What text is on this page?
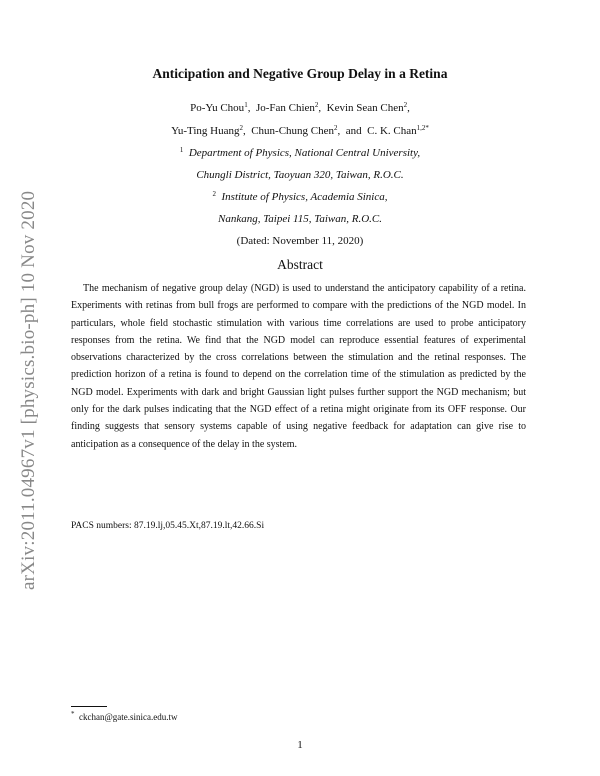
arXiv:2011.04967v1 [physics.bio-ph] 10 Nov 2020
Anticipation and Negative Group Delay in a Retina
Po-Yu Chou$^1$,  Jo-Fan Chien$^2$,  Kevin Sean Chen$^2$,
Yu-Ting Huang$^2$,  Chun-Chung Chen$^2$,  and C. K. Chan$^{1,2*}$
$^1$ Department of Physics, National Central University,
Chungli District, Taoyuan 320, Taiwan, R.O.C.
$^2$ Institute of Physics, Academia Sinica,
Nankang, Taipei 115, Taiwan, R.O.C.
(Dated: November 11, 2020)
Abstract
The mechanism of negative group delay (NGD) is used to understand the anticipatory capability of a retina. Experiments with retinas from bull frogs are performed to compare with the predictions of the NGD model. In particulars, whole field stochastic stimulation with various time correlations are used to probe anticipatory responses from the retina. We find that the NGD model can reproduce essential features of experimental observations characterized by the cross correlations between the stimulation and the retinal responses. The prediction horizon of a retina is found to depend on the correlation time of the stimulation as predicted by the NGD model. Experiments with dark and bright Gaussian light pulses further support the NGD mechanism; but only for the dark pulses indicating that the NGD effect of a retina might originate from its OFF response. Our finding suggests that sensory systems capable of using negative feedback for adaptation can give rise to anticipation as a consequence of the delay in the system.
PACS numbers: 87.19.lj,05.45.Xt,87.19.lt,42.66.Si
* ckchan@gate.sinica.edu.tw
1
